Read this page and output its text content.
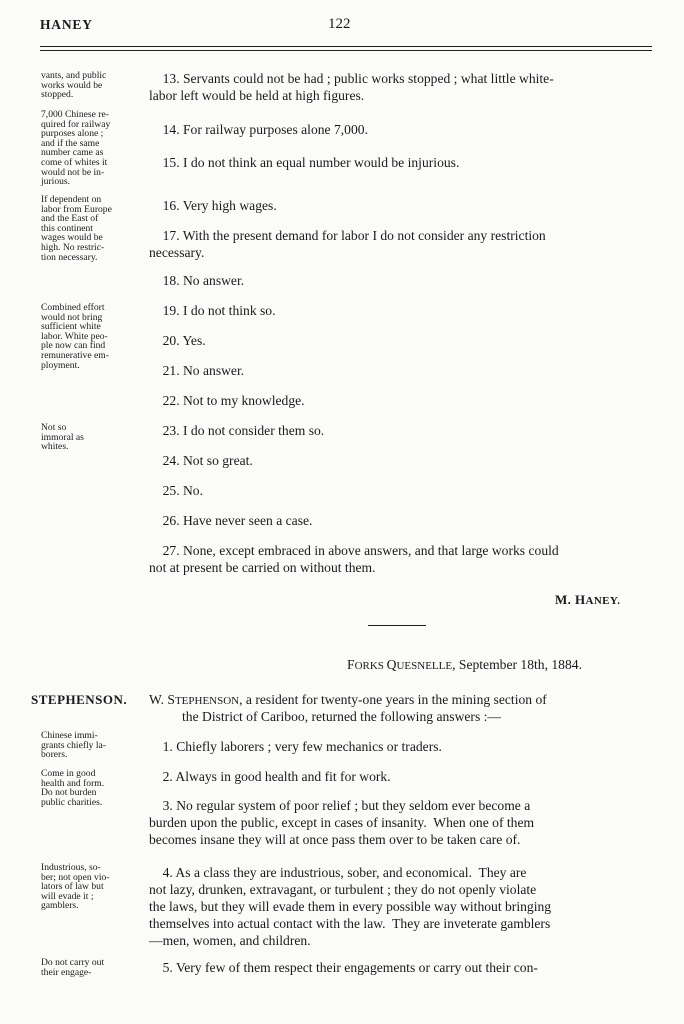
HANEY	122
vants, and public
works would be
stopped.
7,000 Chinese re-
quired for railway
purposes alone ;
and if the same
number came as
come of whites it
would not be in-
jurious.
If dependent on
labor from Europe
and the East of
this continent
wages would be
high. No restric-
tion necessary.
Combined effort
would not bring
sufficient white
labor. White peo-
ple now can find
remunerative em-
ployment.
Not so
immoral as
whites.
Chinese immi-
grants chiefly la-
borers.
Come in good
health and form.
Do not burden
public charities.
Industrious, so-
ber; not open vio-
lators of law but
will evade it ;
gamblers.
Do not carry out
their engage-
13. Servants could not be had ; public works stopped ; what little white-
labor left would be held at high figures.
14. For railway purposes alone 7,000.
15. I do not think an equal number would be injurious.
16. Very high wages.
17. With the present demand for labor I do not consider any restriction
necessary.
18. No answer.
19. I do not think so.
20. Yes.
21. No answer.
22. Not to my knowledge.
23. I do not consider them so.
24. Not so great.
25. No.
26. Have never seen a case.
27. None, except embraced in above answers, and that large works could
not at present be carried on without them.
M. HANEY.
FORKS QUESNELLE, September 18th, 1884.
STEPHENSON. W. STEPHENSON, a resident for twenty-one years in the mining section of
the District of Cariboo, returned the following answers :—
1. Chiefly laborers ; very few mechanics or traders.
2. Always in good health and fit for work.
3. No regular system of poor relief ; but they seldom ever become a
burden upon the public, except in cases of insanity.  When one of them
becomes insane they will at once pass them over to be taken care of.
4. As a class they are industrious, sober, and economical.  They are
not lazy, drunken, extravagant, or turbulent ; they do not openly violate
the laws, but they will evade them in every possible way without bringing
themselves into actual contact with the law.  They are inveterate gamblers
—men, women, and children.
5. Very few of them respect their engagements or carry out their con-
